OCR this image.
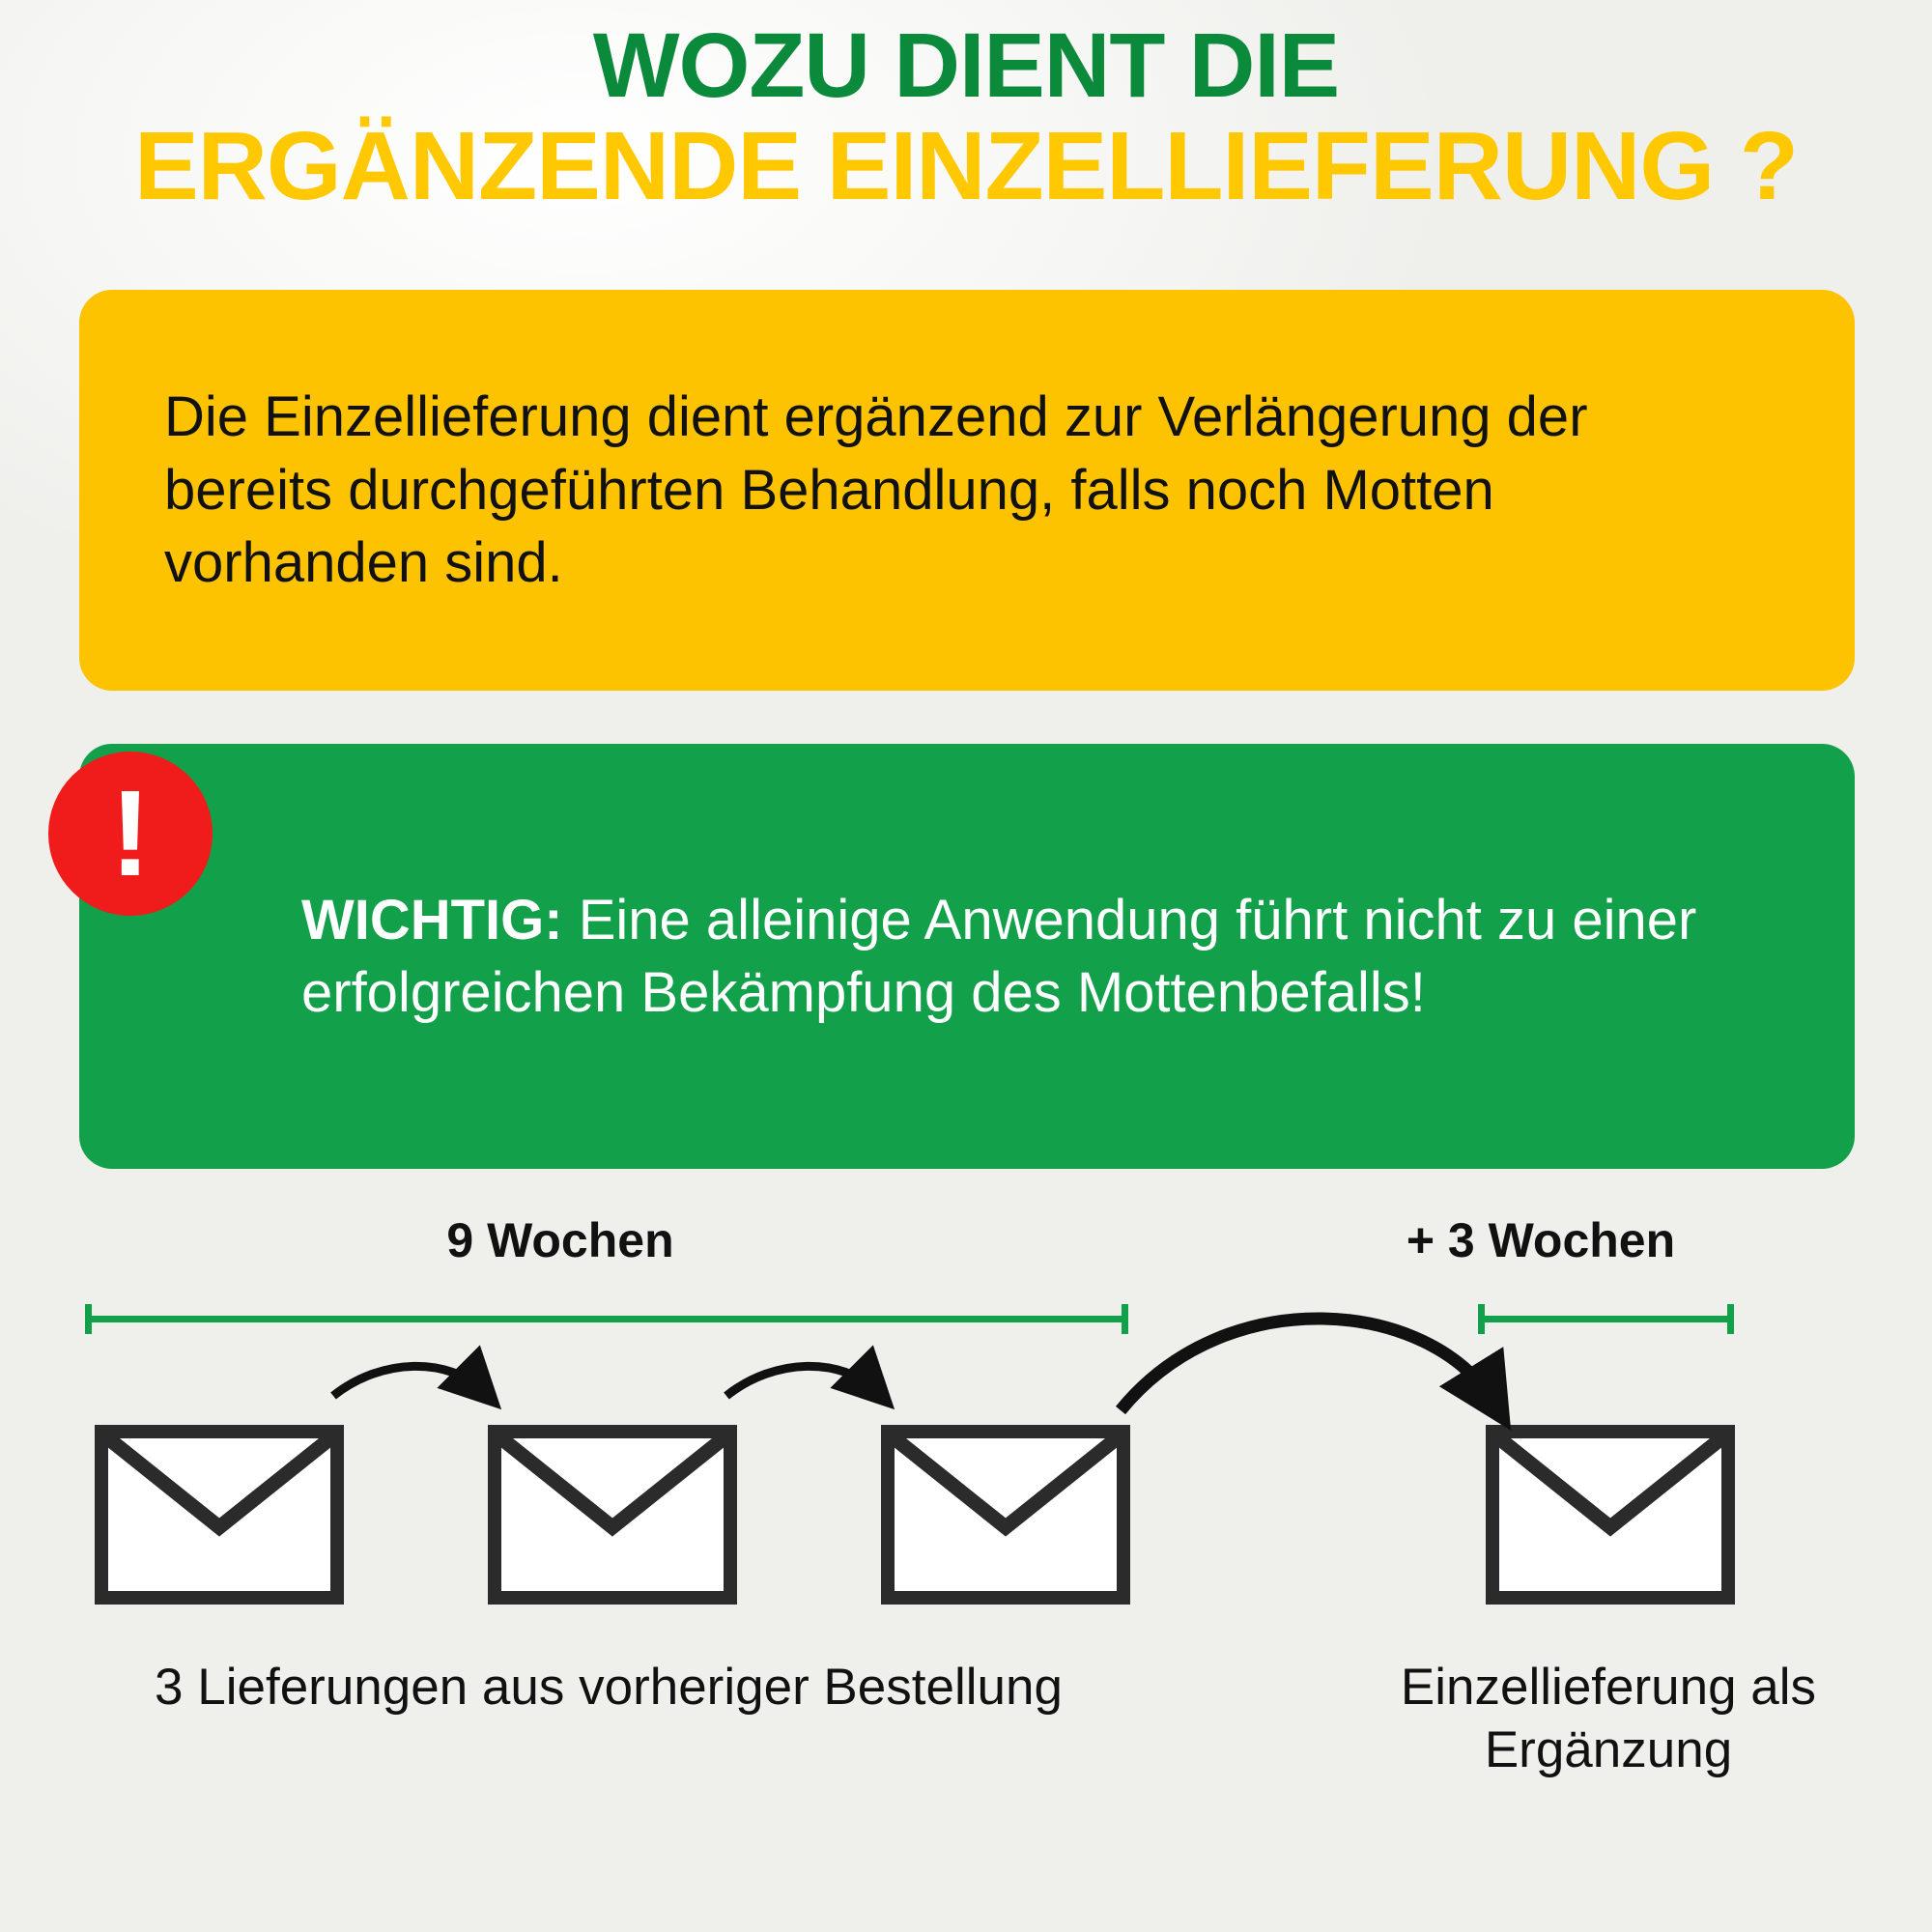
WOZU DIENT DIE
ERGÄNZENDE EINZELLIEFERUNG ?

Die Einzellieferung dient ergänzend zur Verlängerung der bereits durchgeführten Behandlung, falls noch Motten vorhanden sind.

WICHTIG: Eine alleinige Anwendung führt nicht zu einer erfolgreichen Bekämpfung des Mottenbefalls!

!
9 Wochen	+ 3 Wochen
3 Lieferungen aus vorheriger Bestellung	Einzellieferung als Ergänzung
